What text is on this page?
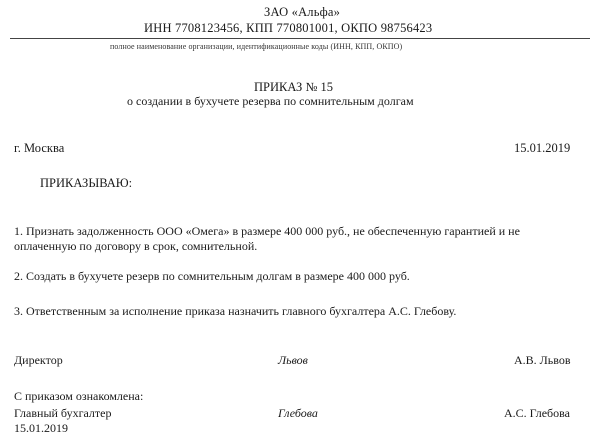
ЗАО «Альфа»
ИНН 7708123456, КПП 770801001, ОКПО 98756423
полное наименование организации, идентификационные коды (ИНН, КПП, ОКПО)
ПРИКАЗ № 15
о создании в бухучете резерва по сомнительным долгам
г. Москва	15.01.2019
ПРИКАЗЫВАЮ:
1. Признать задолженность ООО «Омега» в размере 400 000 руб., не обеспеченную гарантией и не
оплаченную по договору в срок, сомнительной.
2. Создать в бухучете резерв по сомнительным долгам в размере 400 000 руб.
3. Ответственным за исполнение приказа назначить главного бухгалтера А.С. Глебову.
Директор	Львов	А.В. Львов
С приказом ознакомлена:
Главный бухгалтер	Глебова	А.С. Глебова
15.01.2019
